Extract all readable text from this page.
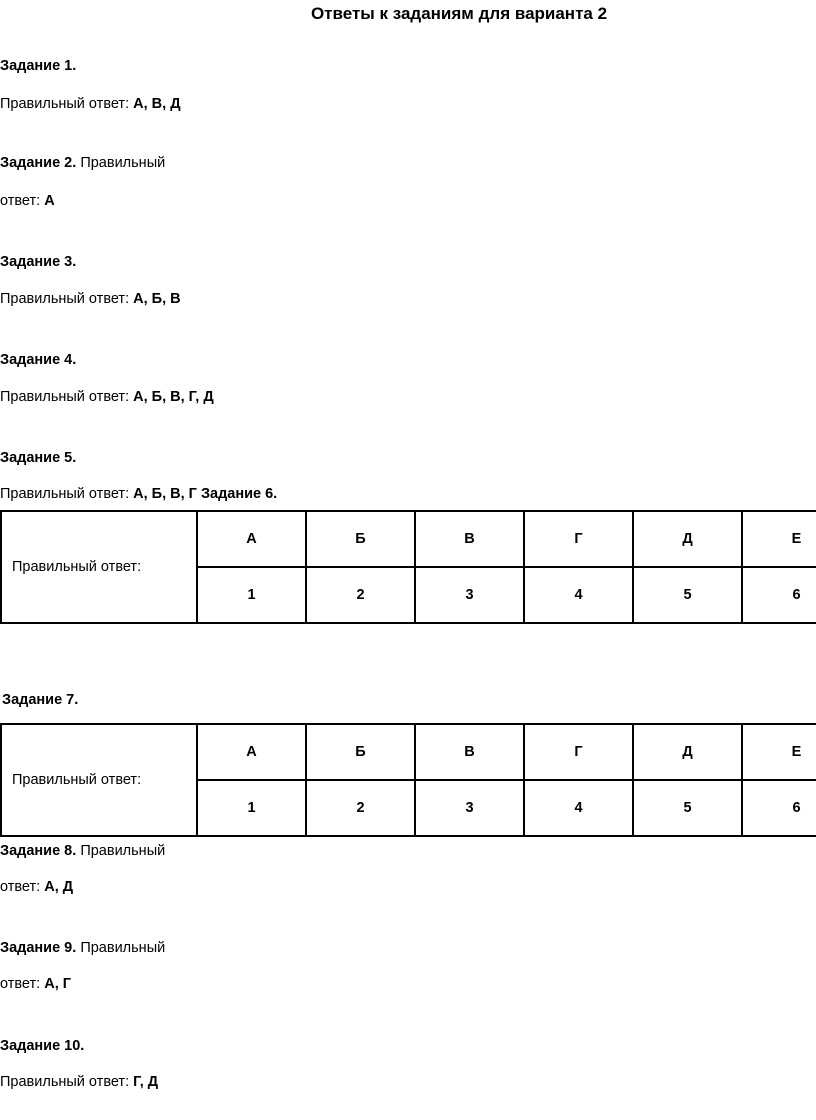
Ответы к заданиям для варианта 2

Задание 1.

Правильный ответ: А, В, Д

Задание 2. Правильный

ответ: А

Задание 3.

Правильный ответ: А, Б, В

Задание 4.

Правильный ответ: А, Б, В, Г, Д

Задание 5.

Правильный ответ: А, Б, В, Г Задание 6.

Правильный ответ:	А	Б	В	Г	Д	Е
	1	2	3	4	5	6

Задание 7.

Правильный ответ:	А	Б	В	Г	Д	Е
	1	2	3	4	5	6

Задание 8. Правильный

ответ: А, Д

Задание 9. Правильный

ответ: А, Г

Задание 10.

Правильный ответ: Г, Д
